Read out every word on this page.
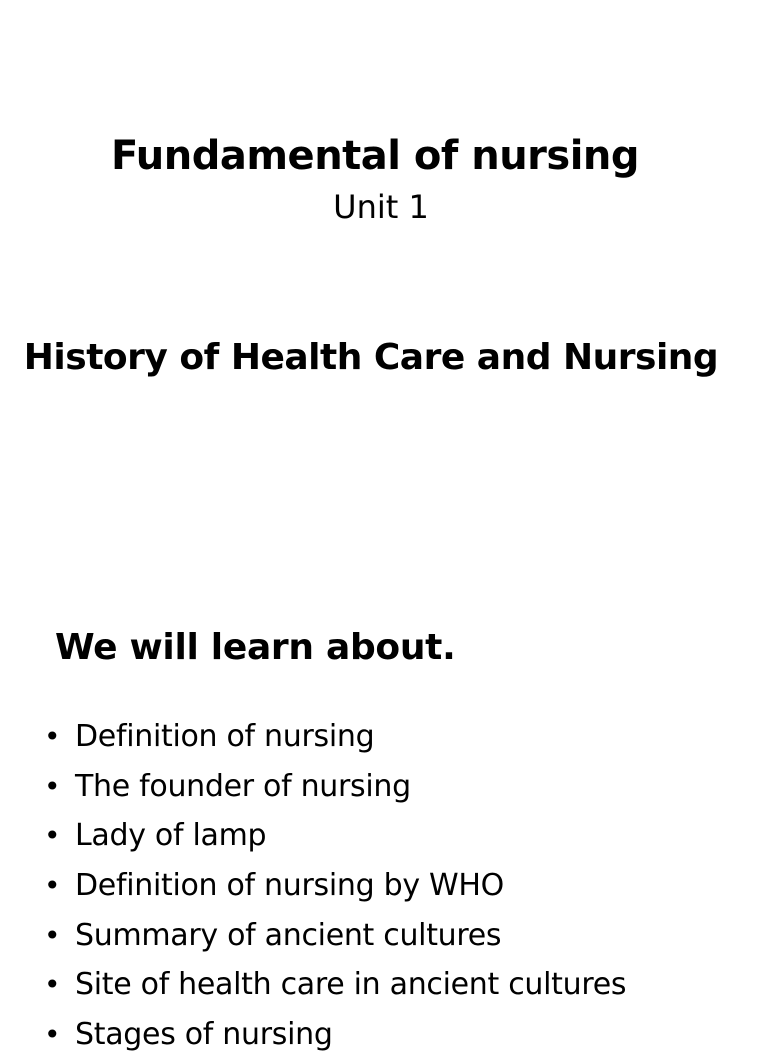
Fundamental of nursing
Unit 1
History of Health Care and Nursing
We will learn about.
• Definition of nursing
• The founder of nursing
• Lady of lamp
• Definition of nursing by WHO
• Summary of ancient cultures
• Site of health care in ancient cultures
• Stages of nursing
